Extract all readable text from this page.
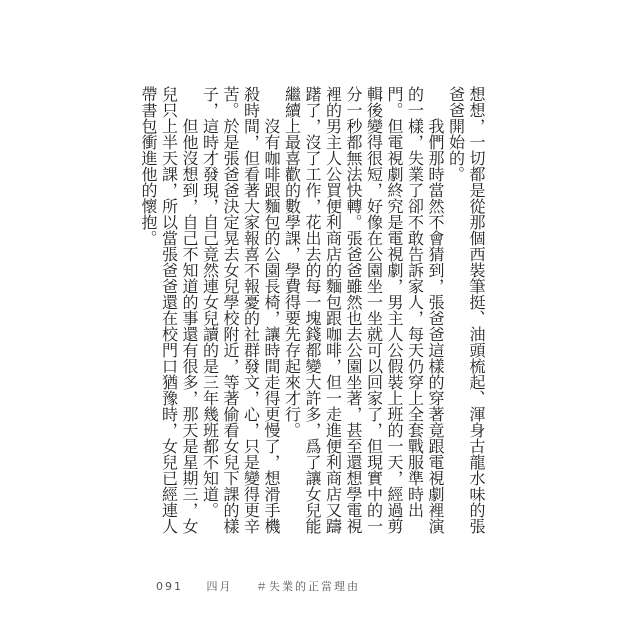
想想，一切都是從那個西裝筆挺、油頭梳起、渾身古龍水味的張爸爸開始的。

我們那時當然不會猜到，張爸爸這樣的穿著竟跟電視劇裡演的一樣，失業了卻不敢告訴家人，每天仍穿上全套戰服準時出門。但電視劇終究是電視劇，男主人公假裝上班的一天，經過剪輯後變得很短，好像在公園坐一坐就可以回家了，但現實中的一分一秒都無法快轉。張爸爸雖然也去公園坐著，甚至還想學電視裡的男主人公買便利商店的麵包跟咖啡，但一走進便利商店又躊躇了，沒了工作，花出去的每一塊錢都變大許多，爲了讓女兒能繼續上最喜歡的數學課，學費得要先存起來才行。

沒有咖啡跟麵包的公園長椅，讓時間走得更慢了，想滑手機殺時間，但看著大家報喜不報憂的社群發文，心，只是變得更辛苦。於是張爸爸決定晃去女兒學校附近，等著偷看女兒下課的樣子，這時才發現，自己竟然連女兒讀的是三年幾班都不知道。

但他沒想到，自己不知道的事還有很多，那天是星期三，女兒只上半天課，所以當張爸爸還在校門口猶豫時，女兒已經連人帶書包衝進他的懷抱。

091 四月 ＃失業的正當理由
